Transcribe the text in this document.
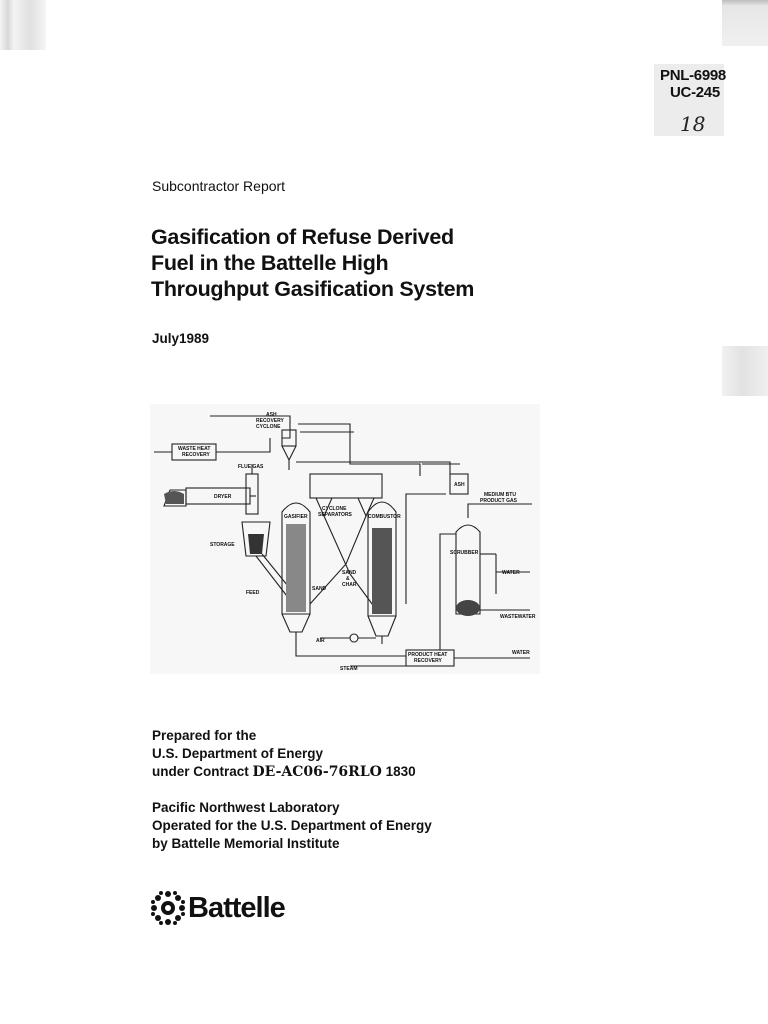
PNL-6998
UC-245
18
Subcontractor Report
Gasification of Refuse Derived
Fuel in the Battelle High
Throughput Gasification System
July1989
ASH RECOVERY CYCLONE
WASTE HEAT RECOVERY
FLUE GAS
DRYER
STORAGE
FEED
GASIFIER
CYCLONE SEPARATORS	COMBUSTOR
SAND
SAND & CHAR
ASH
MEDIUM BTU PRODUCT GAS
SCRUBBER
WATER
WASTEWATER
AIR
PRODUCT HEAT RECOVERY
WATER
STEAM
Prepared for the
U.S. Department of Energy
under Contract DE-AC06-76RLO 1830
Pacific Northwest Laboratory
Operated for the U.S. Department of Energy
by Battelle Memorial Institute
Battelle
